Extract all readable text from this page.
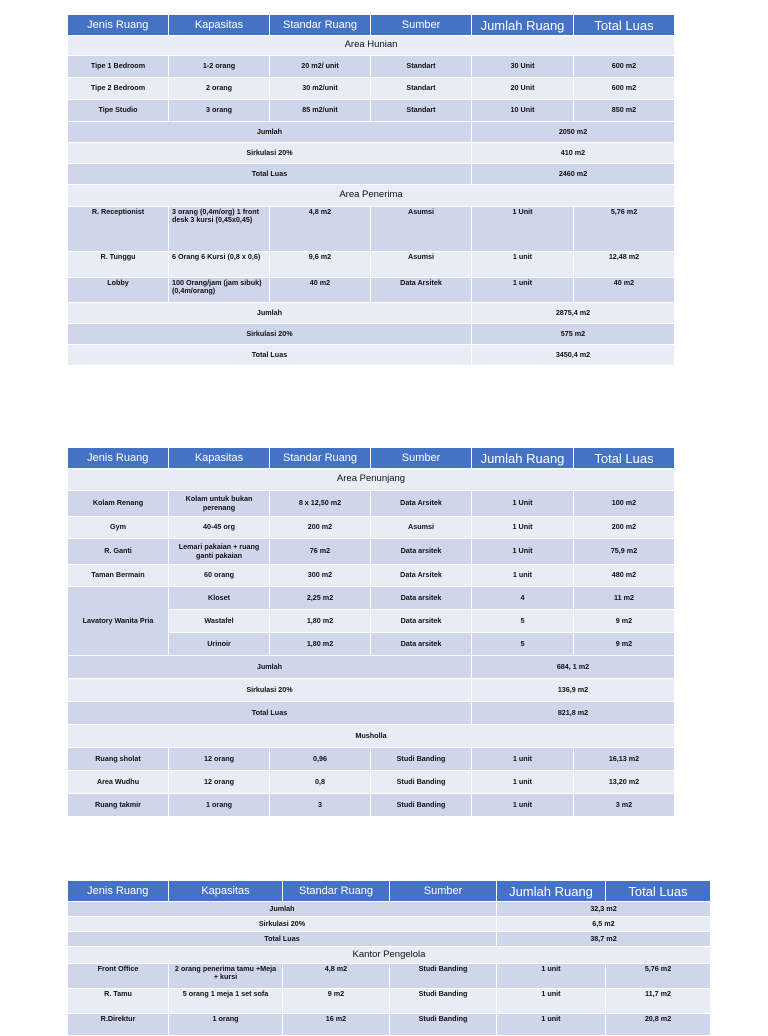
Jenis Ruang	Kapasitas	Standar Ruang	Sumber	Jumlah Ruang	Total Luas
Area Hunian					
Tipe 1 Bedroom	1-2 orang	20 m2/ unit	Standart	30 Unit	600 m2
Tipe 2 Bedroom	2 orang	30 m2/unit	Standart	20 Unit	600 m2
Tipe Studio	3 orang	85 m2/unit	Standart	10 Unit	850 m2
Jumlah				2050 m2	
Sirkulasi 20%				410 m2	
Total Luas				2460 m2	
Area Penerima					
R. Receptionist	3 orang (0,4m/org) 1 front desk 3 kursi (0,45x0,45)	4,8 m2	Asumsi	1 Unit	5,76 m2
R. Tunggu	6 Orang 6 Kursi (0,8 x 0,6)	9,6 m2	Asumsi	1 unit	12,48 m2
Lobby	100 Orang/jam (jam sibuk) (0,4m/orang)	40 m2	Data Arsitek	1 unit	40 m2
Jumlah				2875,4 m2	
Sirkulasi 20%				575 m2	
Total Luas				3450,4 m2	
Jenis Ruang	Kapasitas	Standar Ruang	Sumber	Jumlah Ruang	Total Luas
Area Penunjang					
Kolam Renang	Kolam untuk bukan perenang	8 x 12,50 m2	Data Arsitek	1 Unit	100 m2
Gym	40-45 org	200 m2	Asumsi	1 Unit	200 m2
R. Ganti	Lemari pakaian + ruang ganti pakaian	76 m2	Data arsitek	1 Unit	75,9 m2
Taman Bermain	60 orang	300 m2	Data Arsitek	1 unit	480 m2
Lavatory Wanita Pria	Kloset	2,25 m2	Data arsitek	4	11 m2
	Wastafel	1,80 m2	Data arsitek	5	9 m2
	Urinoir	1,80 m2	Data arsitek	5	9 m2
Jumlah				684, 1 m2	
Sirkulasi 20%				136,9 m2	
Total Luas				821,8 m2	
Musholla					
Ruang sholat	12 orang	0,96	Studi Banding	1 unit	16,13 m2
Area Wudhu	12 orang	0,8	Studi Banding	1 unit	13,20 m2
Ruang takmir	1 orang	3	Studi Banding	1 unit	3 m2
Jenis Ruang	Kapasitas	Standar Ruang	Sumber	Jumlah Ruang	Total Luas
Jumlah				32,3 m2	
Sirkulasi 20%				6,5 m2	
Total Luas				38,7 m2	
Kantor Pengelola					
Front Office	2 orang penerima tamu +Meja + kursi	4,8 m2	Studi Banding	1 unit	5,76 m2
R. Tamu	5 orang 1 meja 1 set sofa	9 m2	Studi Banding	1 unit	11,7 m2
R.Direktur	1 orang	16 m2	Studi Banding	1 unit	20,8 m2
